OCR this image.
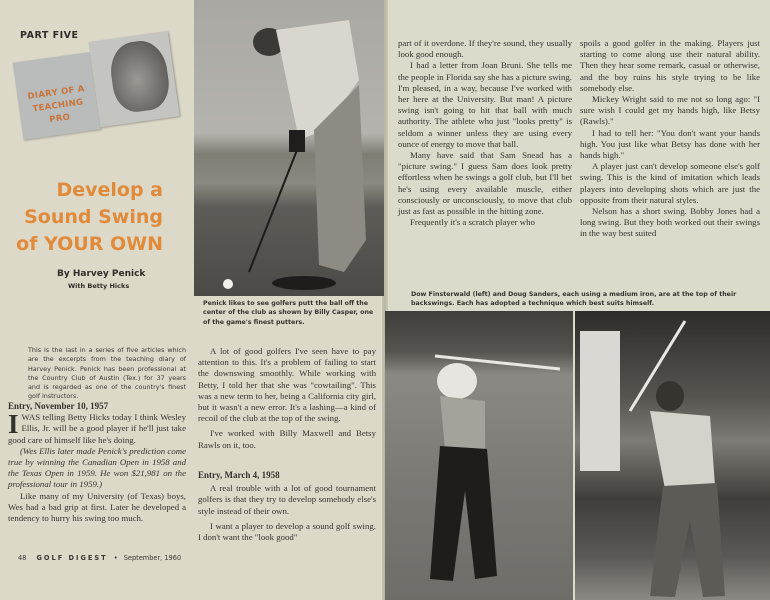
PART FIVE
DIARY OF A
TEACHING
PRO
Develop a
Sound Swing
of YOUR OWN
By Harvey Penick
With Betty Hicks
Penick likes to see golfers putt the ball off the center of the club as shown by Billy Casper, one of the game's finest putters.
Dow Finsterwald (left) and Doug Sanders, each using a medium iron, are at the top of their backswings. Each has adopted a technique which best suits himself.
This is the last in a series of five articles which are the excerpts from the teaching diary of Harvey Penick. Penick has been professional at the Country Club of Austin (Tex.) for 37 years and is regarded as one of the country's finest golf instructors.

Entry, November 10, 1957

IWAS telling Betty Hicks today I think Wesley Ellis, Jr. will be a good player if he'll just take good care of himself like he's doing.

(Wes Ellis later made Penick's prediction come true by winning the Canadian Open in 1958 and the Texas Open in 1959. He won $21,981 on the professional tour in 1959.)

Like many of my University (of Texas) boys, Wes had a bad grip at first. Later he developed a tendency to hurry his swing too much.

A lot of good golfers I've seen have to pay attention to this. It's a problem of failing to start the downswing smoothly. While working with Betty, I told her that she was "cowtailing". This was a new term to her, being a California city girl, but it wasn't a new error. It's a lashing—a kind of recoil of the club at the top of the swing.

I've worked with Billy Maxwell and Betsy Rawls on it, too.

Entry, March 4, 1958

A real trouble with a lot of good tournament golfers is that they try to develop somebody else's style instead of their own.

I want a player to develop a sound golf swing. I don't want the "look good"

part of it overdone. If they're sound, they usually look good enough.

I had a letter from Joan Bruni. She tells me the people in Florida say she has a picture swing. I'm pleased, in a way, because I've worked with her here at the University. But man! A picture swing isn't going to hit that ball with much authority. The athlete who just "looks pretty" is seldom a winner unless they are using every ounce of energy to move that ball.

Many have said that Sam Snead has a "picture swing." I guess Sam does look pretty effortless when he swings a golf club, but I'll bet he's using every available muscle, either consciously or unconsciously, to move that club just as fast as possible in the hitting zone.

Frequently it's a scratch player who

spoils a good golfer in the making. Players just starting to come along use their natural ability. Then they hear some remark, casual or otherwise, and the boy ruins his style trying to be like somebody else.

Mickey Wright said to me not so long ago: "I sure wish I could get my hands high, like Betsy (Rawls)."

I had to tell her: "You don't want your hands high. You just like what Betsy has done with her hands high."

A player just can't develop someone else's golf swing. This is the kind of imitation which leads players into developing shots which are just the opposite from their natural styles.

Nelson has a short swing. Bobby Jones had a long swing. But they both worked out their swings in the way best suited

48 GOLF DIGEST • September, 1960
